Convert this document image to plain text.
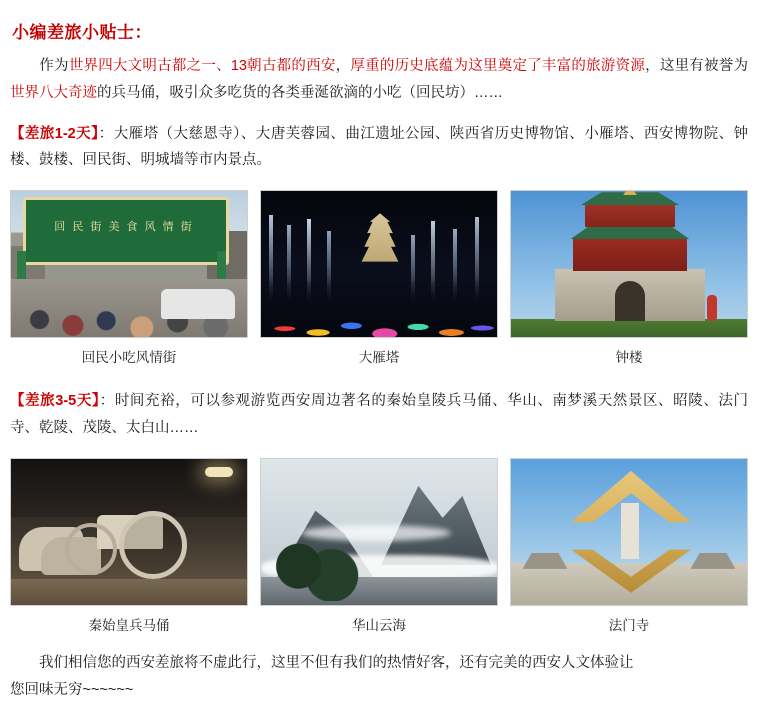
小编差旅小贴士：

作为世界四大文明古都之一、13朝古都的西安，厚重的历史底蕴为这里奠定了丰富的旅游资源，这里有被誉为世界八大奇迹的兵马俑，吸引众多吃货的各类垂涎欲滴的小吃（回民坊）……

【差旅1-2天】：大雁塔（大慈恩寺）、大唐芙蓉园、曲江遗址公园、陕西省历史博物馆、小雁塔、西安博物院、钟楼、鼓楼、回民街、明城墙等市内景点。

回 民 街 美 食 风 情 街
回民小吃风情街	大雁塔	钟楼

【差旅3-5天】：时间充裕，可以参观游览西安周边著名的秦始皇陵兵马俑、华山、南梦溪天然景区、昭陵、法门寺、乾陵、茂陵、太白山……

秦始皇兵马俑	华山云海	法门寺
　　我们相信您的西安差旅将不虚此行，这里不但有我们的热情好客，还有完美的西安人文体验让
您回味无穷~~~~~~
